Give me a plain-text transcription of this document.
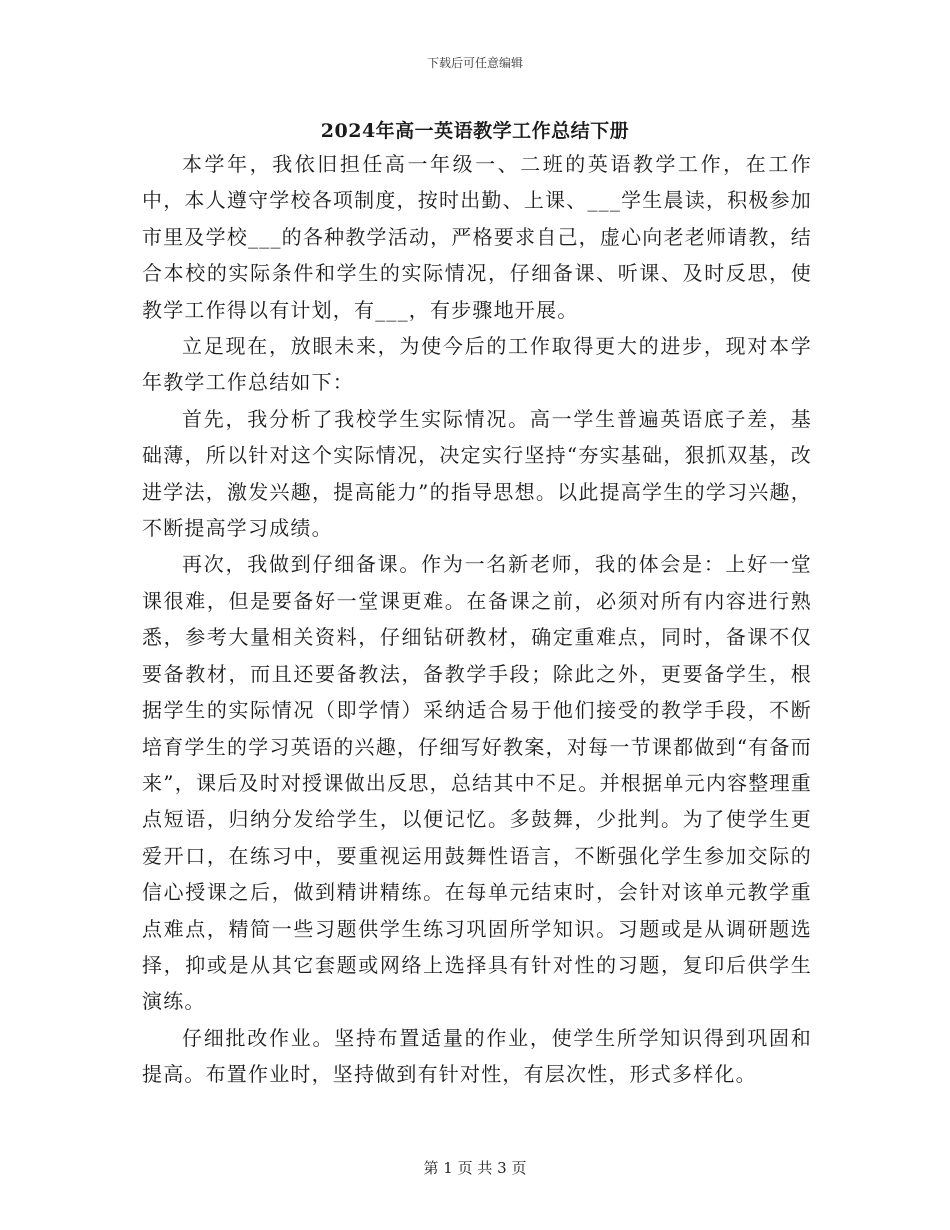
下载后可任意编辑
2024年高一英语教学工作总结下册

本学年，我依旧担任高一年级一、二班的英语教学工作，在工作中，本人遵守学校各项制度，按时出勤、上课、___学生晨读，积极参加市里及学校___的各种教学活动，严格要求自己，虚心向老老师请教，结合本校的实际条件和学生的实际情况，仔细备课、听课、及时反思，使教学工作得以有计划，有___，有步骤地开展。

立足现在，放眼未来，为使今后的工作取得更大的进步，现对本学年教学工作总结如下：

首先，我分析了我校学生实际情况。高一学生普遍英语底子差，基础薄，所以针对这个实际情况，决定实行坚持“夯实基础，狠抓双基，改进学法，激发兴趣，提高能力”的指导思想。以此提高学生的学习兴趣，不断提高学习成绩。

再次，我做到仔细备课。作为一名新老师，我的体会是：上好一堂课很难，但是要备好一堂课更难。在备课之前，必须对所有内容进行熟悉，参考大量相关资料，仔细钻研教材，确定重难点，同时，备课不仅要备教材，而且还要备教法，备教学手段；除此之外，更要备学生，根据学生的实际情况（即学情）采纳适合易于他们接受的教学手段，不断培育学生的学习英语的兴趣，仔细写好教案，对每一节课都做到“有备而来”，课后及时对授课做出反思，总结其中不足。并根据单元内容整理重点短语，归纳分发给学生，以便记忆。多鼓舞，少批判。为了使学生更爱开口，在练习中，要重视运用鼓舞性语言，不断强化学生参加交际的信心授课之后，做到精讲精练。在每单元结束时，会针对该单元教学重点难点，精简一些习题供学生练习巩固所学知识。习题或是从调研题选择，抑或是从其它套题或网络上选择具有针对性的习题，复印后供学生演练。

仔细批改作业。坚持布置适量的作业，使学生所学知识得到巩固和提高。布置作业时，坚持做到有针对性，有层次性，形式多样化。

第 1 页 共 3 页
